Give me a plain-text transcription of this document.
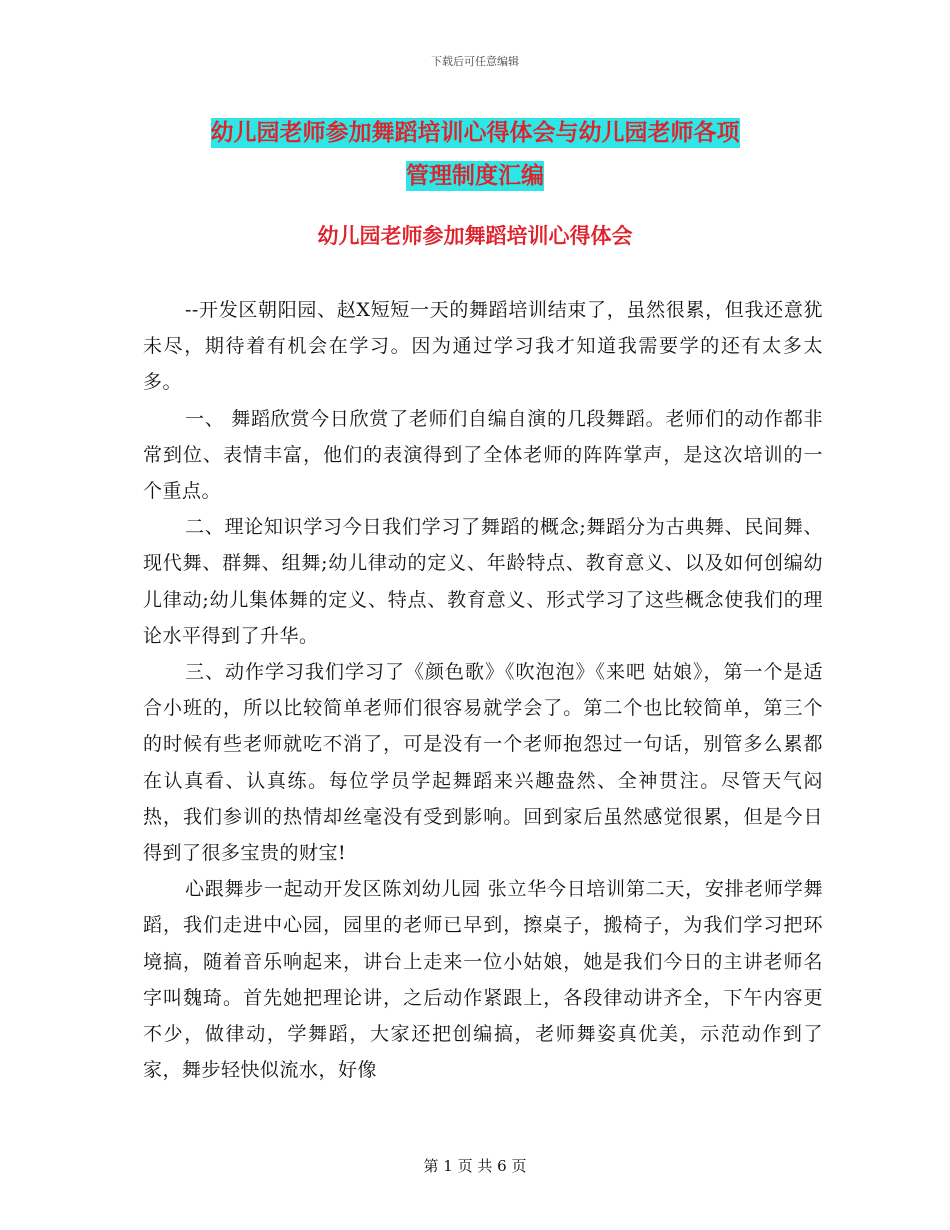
下载后可任意编辑
幼儿园老师参加舞蹈培训心得体会与幼儿园老师各项
管理制度汇编
幼儿园老师参加舞蹈培训心得体会

--开发区朝阳园、赵X短短一天的舞蹈培训结束了，虽然很累，但我还意犹未尽，期待着有机会在学习。因为通过学习我才知道我需要学的还有太多太多。

一、 舞蹈欣赏今日欣赏了老师们自编自演的几段舞蹈。老师们的动作都非常到位、表情丰富，他们的表演得到了全体老师的阵阵掌声，是这次培训的一个重点。

二、理论知识学习今日我们学习了舞蹈的概念;舞蹈分为古典舞、民间舞、现代舞、群舞、组舞;幼儿律动的定义、年龄特点、教育意义、以及如何创编幼儿律动;幼儿集体舞的定义、特点、教育意义、形式学习了这些概念使我们的理论水平得到了升华。

三、动作学习我们学习了《颜色歌》《吹泡泡》《来吧 姑娘》，第一个是适合小班的，所以比较简单老师们很容易就学会了。第二个也比较简单，第三个的时候有些老师就吃不消了，可是没有一个老师抱怨过一句话，别管多么累都在认真看、认真练。每位学员学起舞蹈来兴趣盎然、全神贯注。尽管天气闷热，我们参训的热情却丝毫没有受到影响。回到家后虽然感觉很累，但是今日得到了很多宝贵的财宝!

心跟舞步一起动开发区陈刘幼儿园 张立华今日培训第二天，安排老师学舞蹈，我们走进中心园，园里的老师已早到，擦桌子，搬椅子，为我们学习把环境搞，随着音乐响起来，讲台上走来一位小姑娘，她是我们今日的主讲老师名字叫魏琦。首先她把理论讲，之后动作紧跟上，各段律动讲齐全，下午内容更不少，做律动，学舞蹈，大家还把创编搞，老师舞姿真优美，示范动作到了家，舞步轻快似流水，好像

第 1 页 共 6 页
